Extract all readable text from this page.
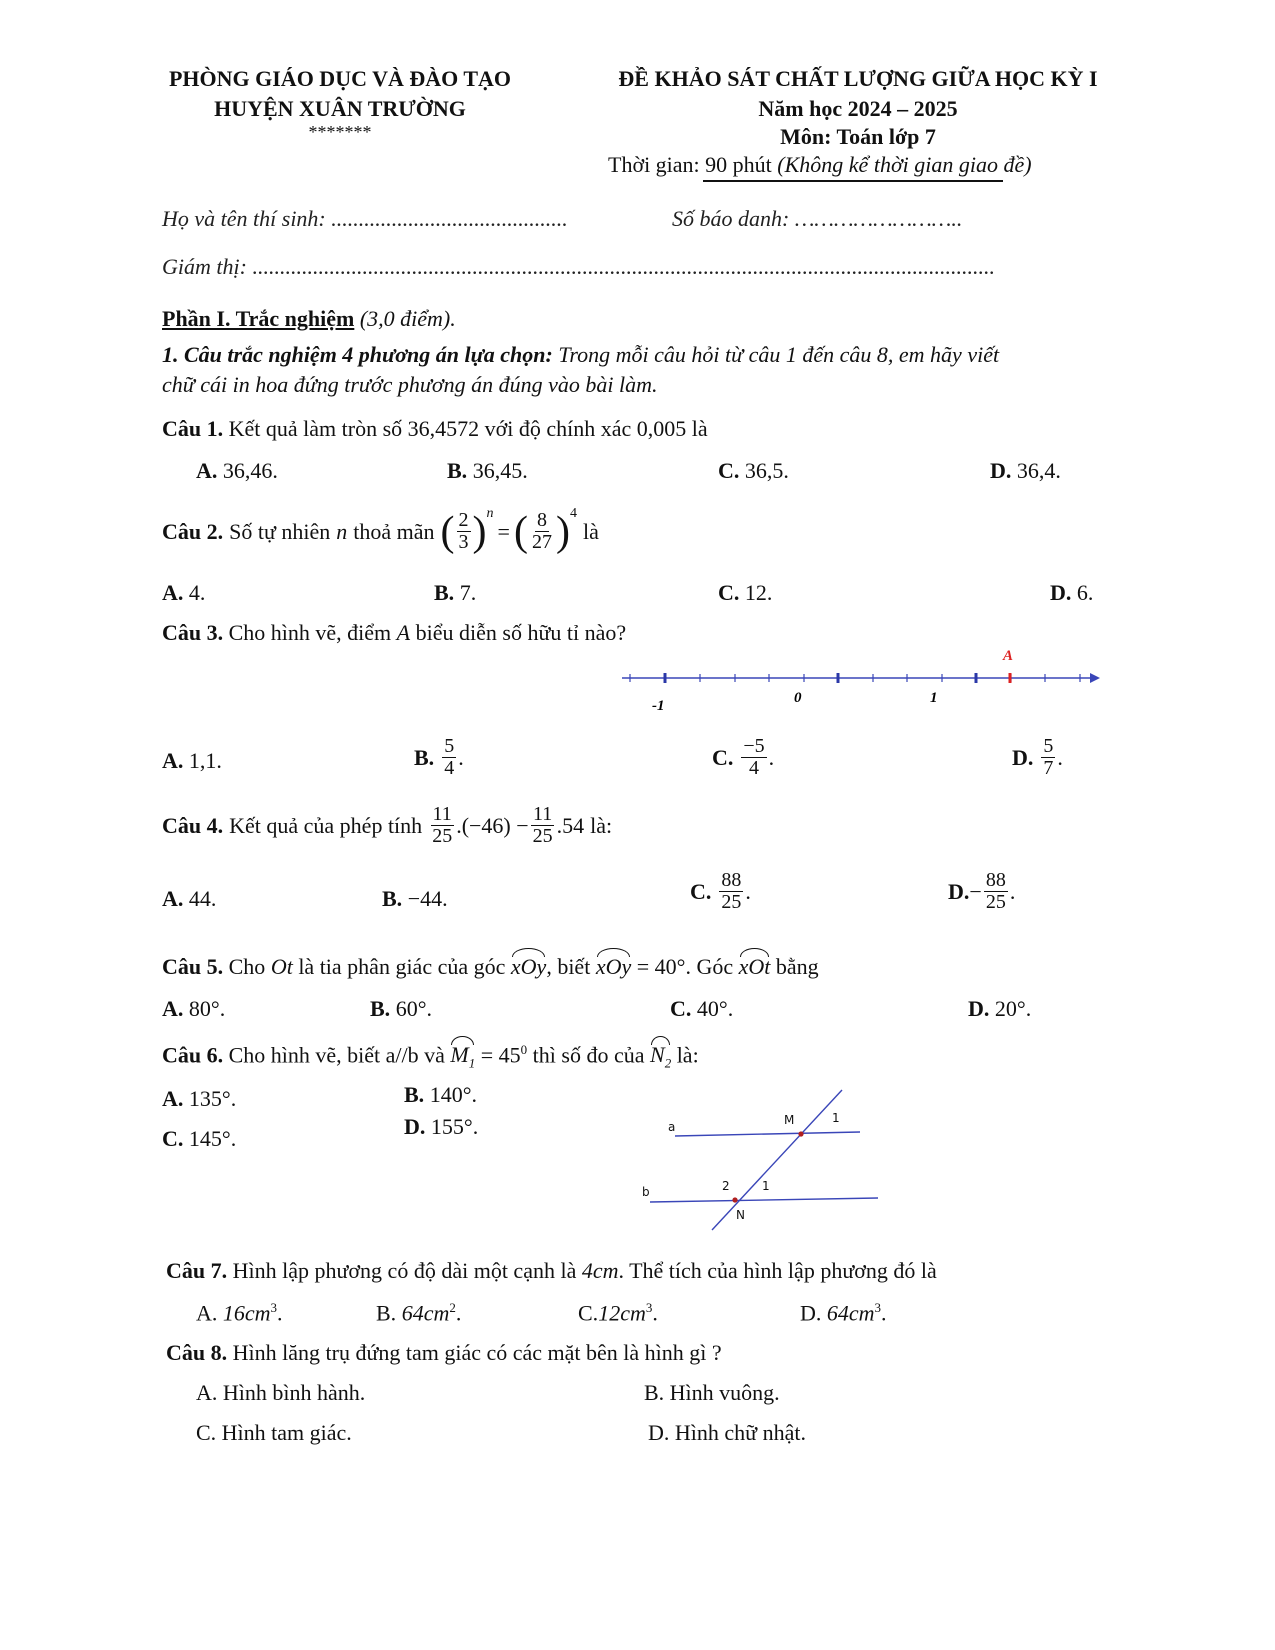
PHÒNG GIÁO DỤC VÀ ĐÀO TẠO
HUYỆN XUÂN TRƯỜNG
*******
ĐỀ KHẢO SÁT CHẤT LƯỢNG GIỮA HỌC KỲ I
Năm học 2024 – 2025
Môn: Toán lớp 7
Thời gian: 90 phút (Không kể thời gian giao đề)
Họ và tên thí sinh: ...........................................	Số báo danh: ……………………..
Giám thị: .......................................................................................................................................
Phần I. Trắc nghiệm (3,0 điểm).
1. Câu trắc nghiệm 4 phương án lựa chọn: Trong mỗi câu hỏi từ câu 1 đến câu 8, em hãy viết
chữ cái in hoa đứng trước phương án đúng vào bài làm.
Câu 1. Kết quả làm tròn số 36,4572 với độ chính xác 0,005 là
A. 36,46.	B. 36,45.	C. 36,5.	D. 36,4.
Câu 2. Số tự nhiên n thoả mãn ( $\frac{2}{3}$ ) n
= ( $\frac{8}{27}$ ) 4
là
A. 4.	B. 7.	C. 12.	D. 6.
Câu 3. Cho hình vẽ, điểm A biểu diễn số hữu tỉ nào?
A
-1	0	1
A. 1,1.	B. $\frac{5}{4}$ .	C. $\frac{-5}{4}$ .	D. $\frac{5}{7}$ .
Câu 4. Kết quả của phép tính $\frac{11}{25} .(-46) - \frac{11}{25} .54$ là:
A. 44.	B. −44.	C. $\frac{88}{25}$ .	D. − $\frac{88}{25}$ .
Câu 5. Cho Ot là tia phân giác của góc xOy, biết xOy = 40°. Góc xOt bằng
A. 80°.	B. 60°.	C. 40°.	D. 20°.
Câu 6. Cho hình vẽ, biết a//b và $M_1 = 45^0$ thì số đo của $N_2$ là:
A. 135°.	B. 140°.
C. 145°.	D. 155°.	a
b
M	1
N
2	1
Câu 7. Hình lập phương có độ dài một cạnh là 4cm. Thể tích của hình lập phương đó là
A. $16cm^3$.	B. $64cm^2$.	$C.12cm^3$.	D. $64cm^3$.
Câu 8. Hình lăng trụ đứng tam giác có các mặt bên là hình gì ?
A. Hình bình hành.	B. Hình vuông.
C. Hình tam giác.	D. Hình chữ nhật.
